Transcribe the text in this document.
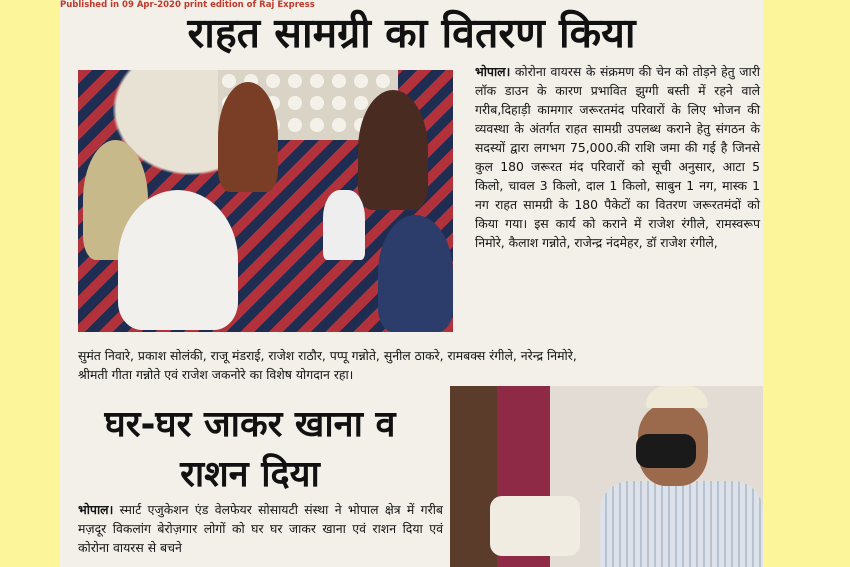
Published in 09 Apr-2020 print edition of Raj Express
राहत सामग्री का वितरण किया
भोपाल। कोरोना वायरस के संक्रमण की चेन को तोड़ने हेतु जारी लॉक डाउन के कारण प्रभावित झुग्गी बस्ती में रहने वाले गरीब,दिहाड़ी कामगार जरूरतमंद परिवारों के लिए भोजन की व्यवस्था के अंतर्गत राहत सामग्री उपलब्ध कराने हेतु संगठन के सदस्यों द्वारा लगभग 75,000.की राशि जमा की गई है जिनसे कुल 180 जरूरत मंद परिवारों को सूची अनुसार, आटा 5 किलो, चावल 3 किलो, दाल 1 किलो, साबुन 1 नग, मास्क 1 नग राहत सामग्री के 180 पैकेटों का वितरण जरूरतमंदों को किया गया। इस कार्य को कराने में राजेश रंगीले, रामस्वरूप निमोरे, कैलाश गन्नोते, राजेन्द्र नंदमेहर, डॉ राजेश रंगीले,
सुमंत निवारे, प्रकाश सोलंकी, राजू मंडराई, राजेश राठौर, पप्पू गन्नोते, सुनील ठाकरे, रामबक्स रंगीले, नरेन्द्र निमोरे,
श्रीमती गीता गन्नोते एवं राजेश जकनोरे का विशेष योगदान रहा।
घर-घर जाकर खाना व
राशन दिया
भोपाल। स्मार्ट एजुकेशन एंड वेलफेयर सोसायटी संस्था ने भोपाल क्षेत्र में गरीब मज़दूर विकलांग बेरोज़गार लोगों को घर घर जाकर खाना एवं राशन दिया एवं कोरोना वायरस से बचने
